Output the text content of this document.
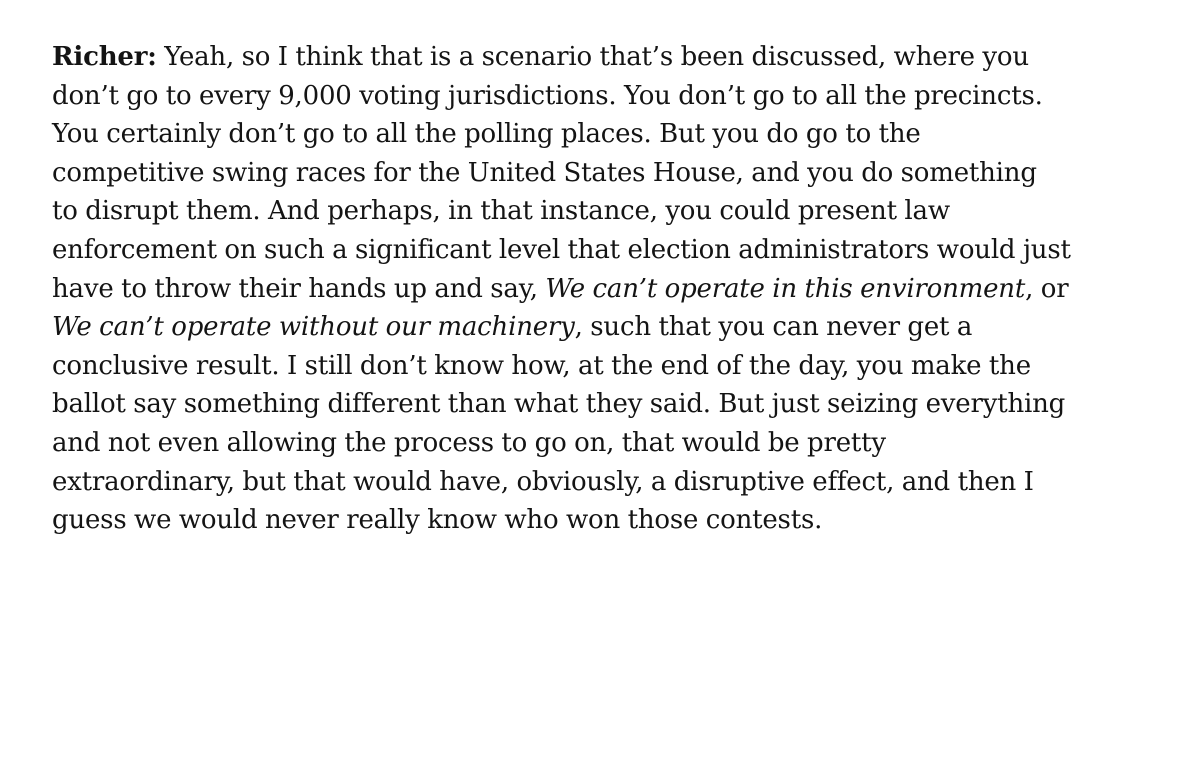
Richer: Yeah, so I think that is a scenario that’s been discussed, where you
don’t go to every 9,000 voting jurisdictions. You don’t go to all the precincts.
You certainly don’t go to all the polling places. But you do go to the
competitive swing races for the United States House, and you do something
to disrupt them. And perhaps, in that instance, you could present law
enforcement on such a significant level that election administrators would just
have to throw their hands up and say, We can’t operate in this environment, or
We can’t operate without our machinery, such that you can never get a
conclusive result. I still don’t know how, at the end of the day, you make the
ballot say something different than what they said. But just seizing everything
and not even allowing the process to go on, that would be pretty
extraordinary, but that would have, obviously, a disruptive effect, and then I
guess we would never really know who won those contests.
